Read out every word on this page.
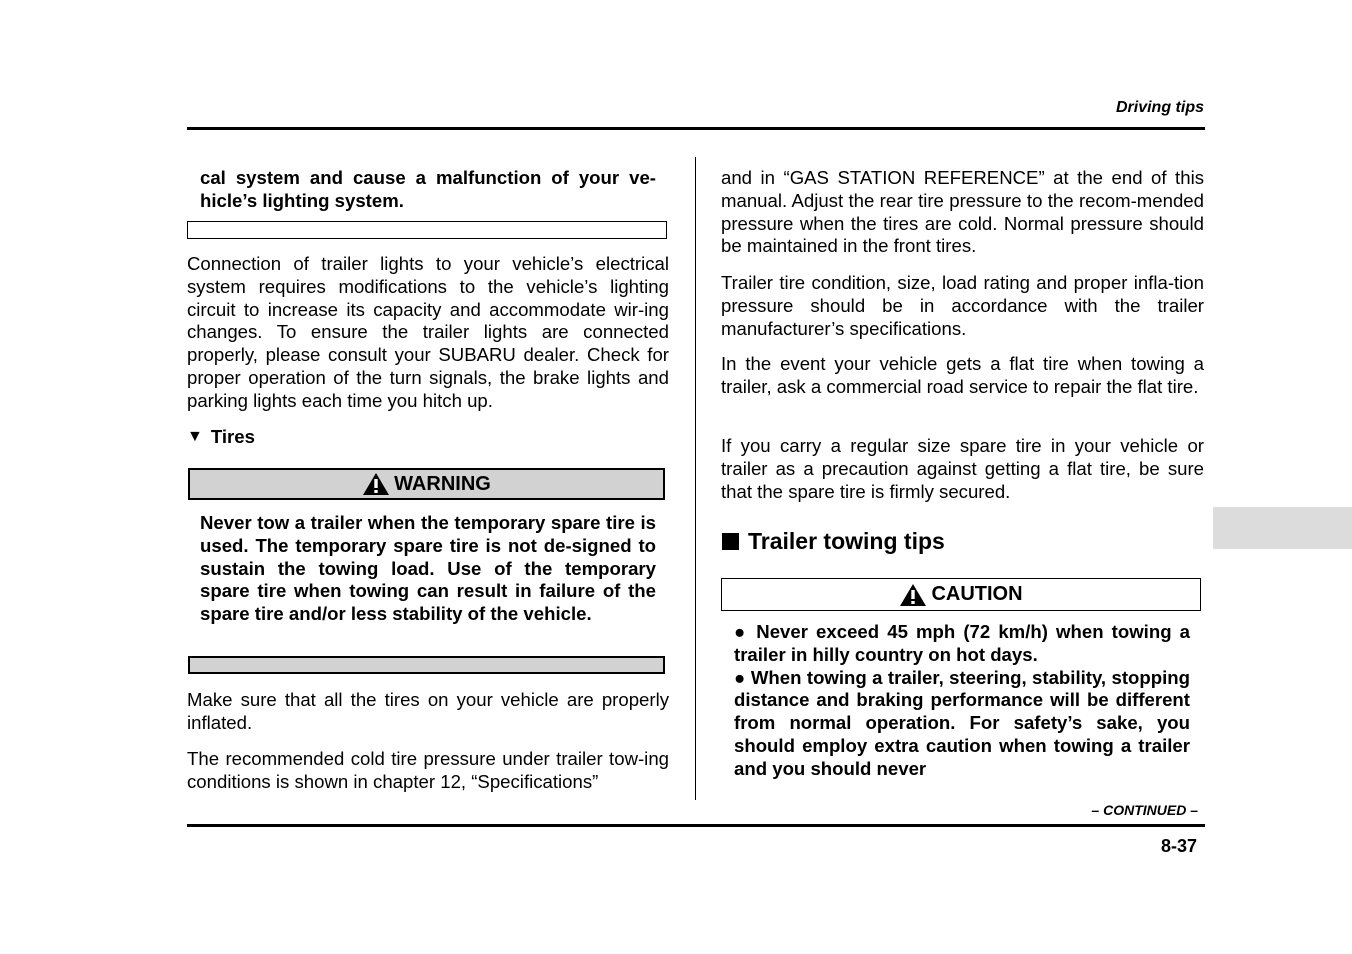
Driving tips
cal system and cause a malfunction of your ve-hicle’s lighting system.
Connection of trailer lights to your vehicle’s electrical system requires modifications to the vehicle’s lighting circuit to increase its capacity and accommodate wir-ing changes. To ensure the trailer lights are connected properly, please consult your SUBARU dealer. Check for proper operation of the turn signals, the brake lights and parking lights each time you hitch up.
▼ Tires
WARNING
Never tow a trailer when the temporary spare tire is used. The temporary spare tire is not de-signed to sustain the towing load. Use of the temporary spare tire when towing can result in failure of the spare tire and/or less stability of the vehicle.
Make sure that all the tires on your vehicle are properly inflated.
The recommended cold tire pressure under trailer tow-ing conditions is shown in chapter 12, “Specifications”
and in “GAS STATION REFERENCE” at the end of this manual. Adjust the rear tire pressure to the recom-mended pressure when the tires are cold. Normal pressure should be maintained in the front tires.
Trailer tire condition, size, load rating and proper infla-tion pressure should be in accordance with the trailer manufacturer’s specifications.
In the event your vehicle gets a flat tire when towing a trailer, ask a commercial road service to repair the flat tire.
If you carry a regular size spare tire in your vehicle or trailer as a precaution against getting a flat tire, be sure that the spare tire is firmly secured.
Trailer towing tips
CAUTION
● Never exceed 45 mph (72 km/h) when towing a trailer in hilly country on hot days.
● When towing a trailer, steering, stability, stopping distance and braking performance will be different from normal operation. For safety’s sake, you should employ extra caution when towing a trailer and you should never
– CONTINUED –
8-37
